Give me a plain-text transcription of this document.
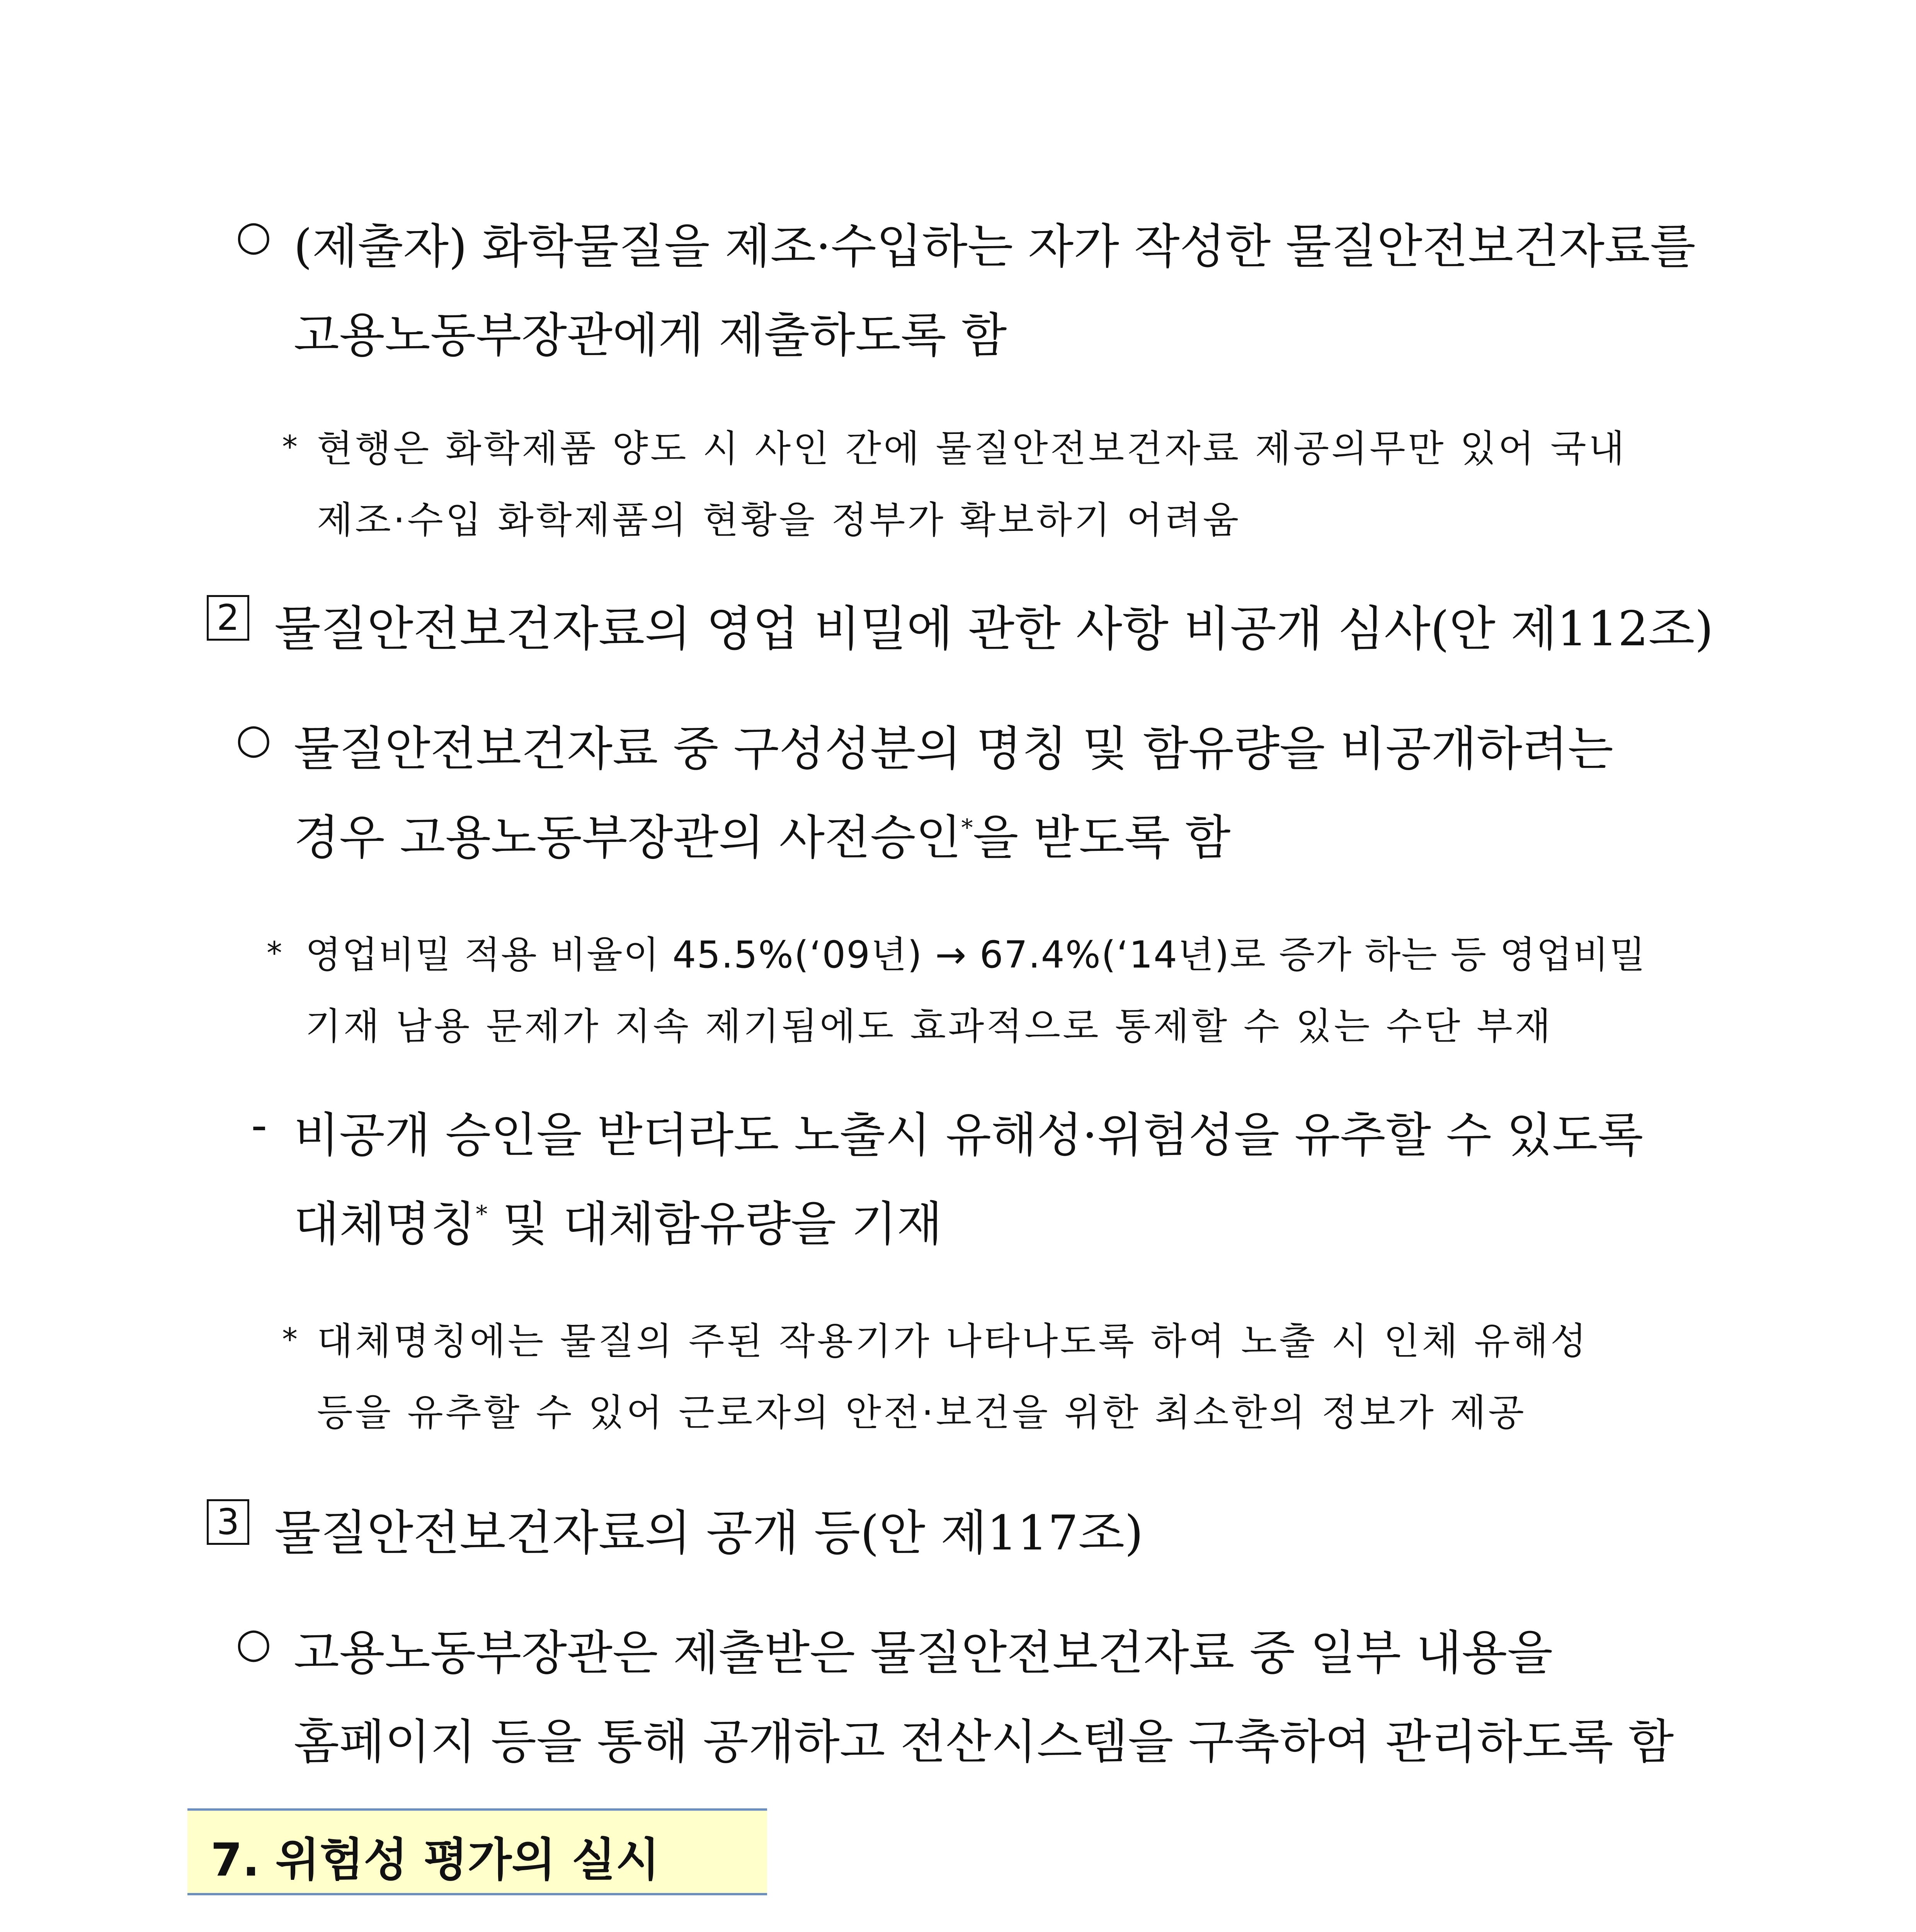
○ (제출자) 화학물질을 제조·수입하는 자가 작성한 물질안전보건자료를
고용노동부장관에게 제출하도록 함
* 현행은 화학제품 양도 시 사인 간에 물질안전보건자료 제공의무만 있어 국내
제조·수입 화학제품의 현황을 정부가 확보하기 어려움
2 물질안전보건자료의 영업 비밀에 관한 사항 비공개 심사(안 제112조)
○ 물질안전보건자료 중 구성성분의 명칭 및 함유량을 비공개하려는
경우 고용노동부장관의 사전승인*을 받도록 함
* 영업비밀 적용 비율이 45.5%(‘09년) → 67.4%(‘14년)로 증가 하는 등 영업비밀
기재 남용 문제가 지속 제기됨에도 효과적으로 통제할 수 있는 수단 부재
- 비공개 승인을 받더라도 노출시 유해성·위험성을 유추할 수 있도록
대체명칭* 및 대체함유량을 기재
* 대체명칭에는 물질의 주된 작용기가 나타나도록 하여 노출 시 인체 유해성
등을 유추할 수 있어 근로자의 안전·보건을 위한 최소한의 정보가 제공
3 물질안전보건자료의 공개 등(안 제117조)
○ 고용노동부장관은 제출받은 물질안전보건자료 중 일부 내용을
홈페이지 등을 통해 공개하고 전산시스템을 구축하여 관리하도록 함
7. 위험성 평가의 실시
